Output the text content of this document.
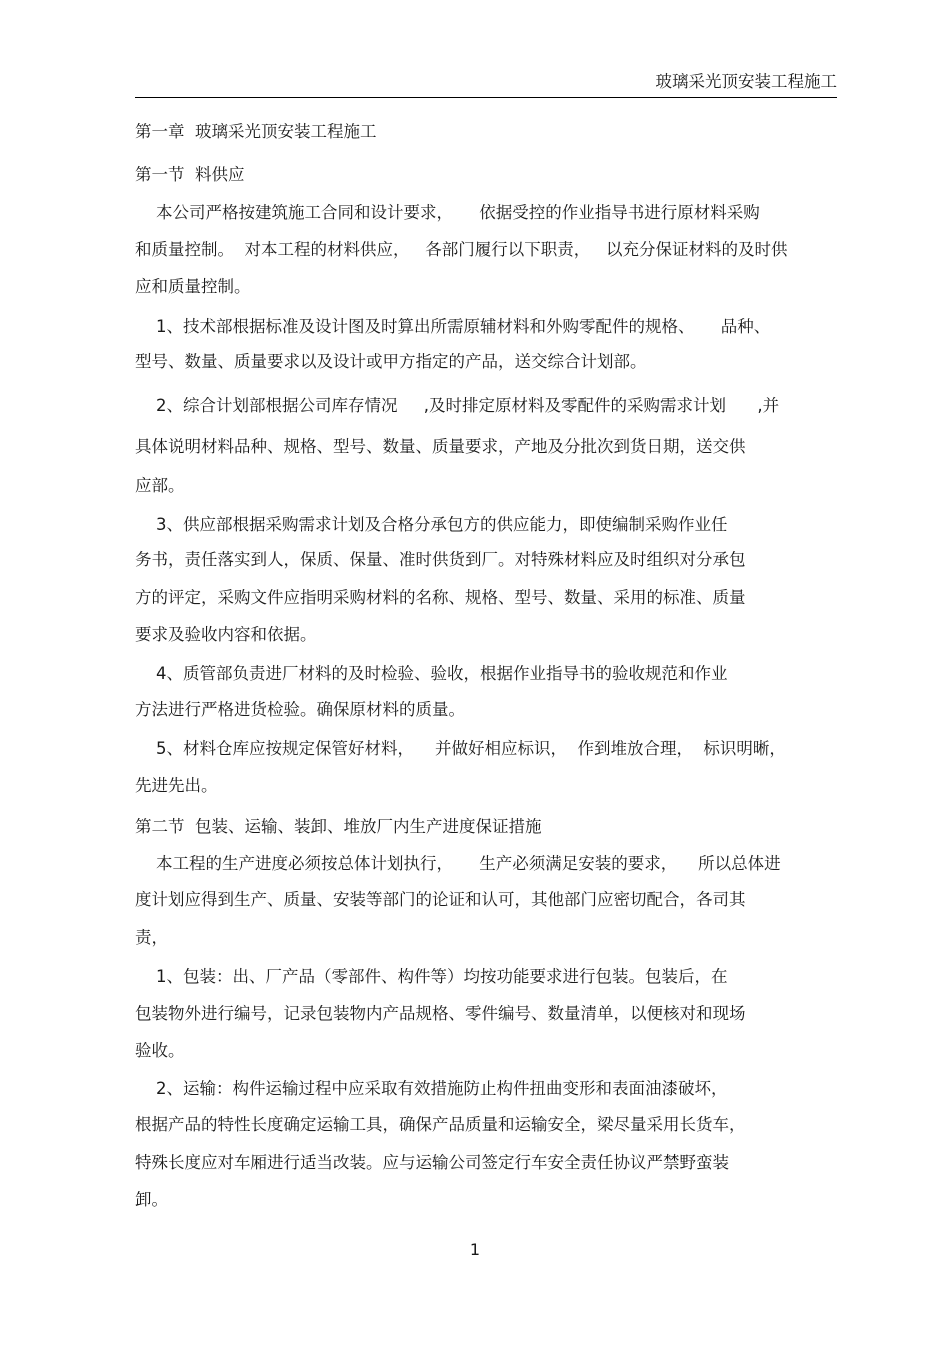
玻璃采光顶安装工程施工
第一章  玻璃采光顶安装工程施工
第一节  料供应
本公司严格按建筑施工合同和设计要求，     依据受控的作业指导书进行原材料采购
和质量控制。  对本工程的材料供应，   各部门履行以下职责，   以充分保证材料的及时供
应和质量控制。
1、技术部根据标准及设计图及时算出所需原辅材料和外购零配件的规格、     品种、
型号、数量、质量要求以及设计或甲方指定的产品，送交综合计划部。
2、综合计划部根据公司库存情况     ,及时排定原材料及零配件的采购需求计划      ,并
具体说明材料品种、规格、型号、数量、质量要求，产地及分批次到货日期，送交供
应部。
3、供应部根据采购需求计划及合格分承包方的供应能力，即使编制采购作业任
务书，责任落实到人，保质、保量、准时供货到厂。对特殊材料应及时组织对分承包
方的评定，采购文件应指明采购材料的名称、规格、型号、数量、采用的标准、质量
要求及验收内容和依据。
4、质管部负责进厂材料的及时检验、验收，根据作业指导书的验收规范和作业
方法进行严格进货检验。确保原材料的质量。
5、材料仓库应按规定保管好材料，    并做好相应标识，  作到堆放合理，  标识明晰，
先进先出。
第二节  包装、运输、装卸、堆放厂内生产进度保证措施
本工程的生产进度必须按总体计划执行，     生产必须满足安装的要求，    所以总体进
度计划应得到生产、质量、安装等部门的论证和认可，其他部门应密切配合，各司其
责，
1、包装：出、厂产品（零部件、构件等）均按功能要求进行包装。包装后，在
包装物外进行编号，记录包装物内产品规格、零件编号、数量清单，以便核对和现场
验收。
2、运输：构件运输过程中应采取有效措施防止构件扭曲变形和表面油漆破坏，
根据产品的特性长度确定运输工具，确保产品质量和运输安全，梁尽量采用长货车，
特殊长度应对车厢进行适当改装。应与运输公司签定行车安全责任协议严禁野蛮装
卸。
1
